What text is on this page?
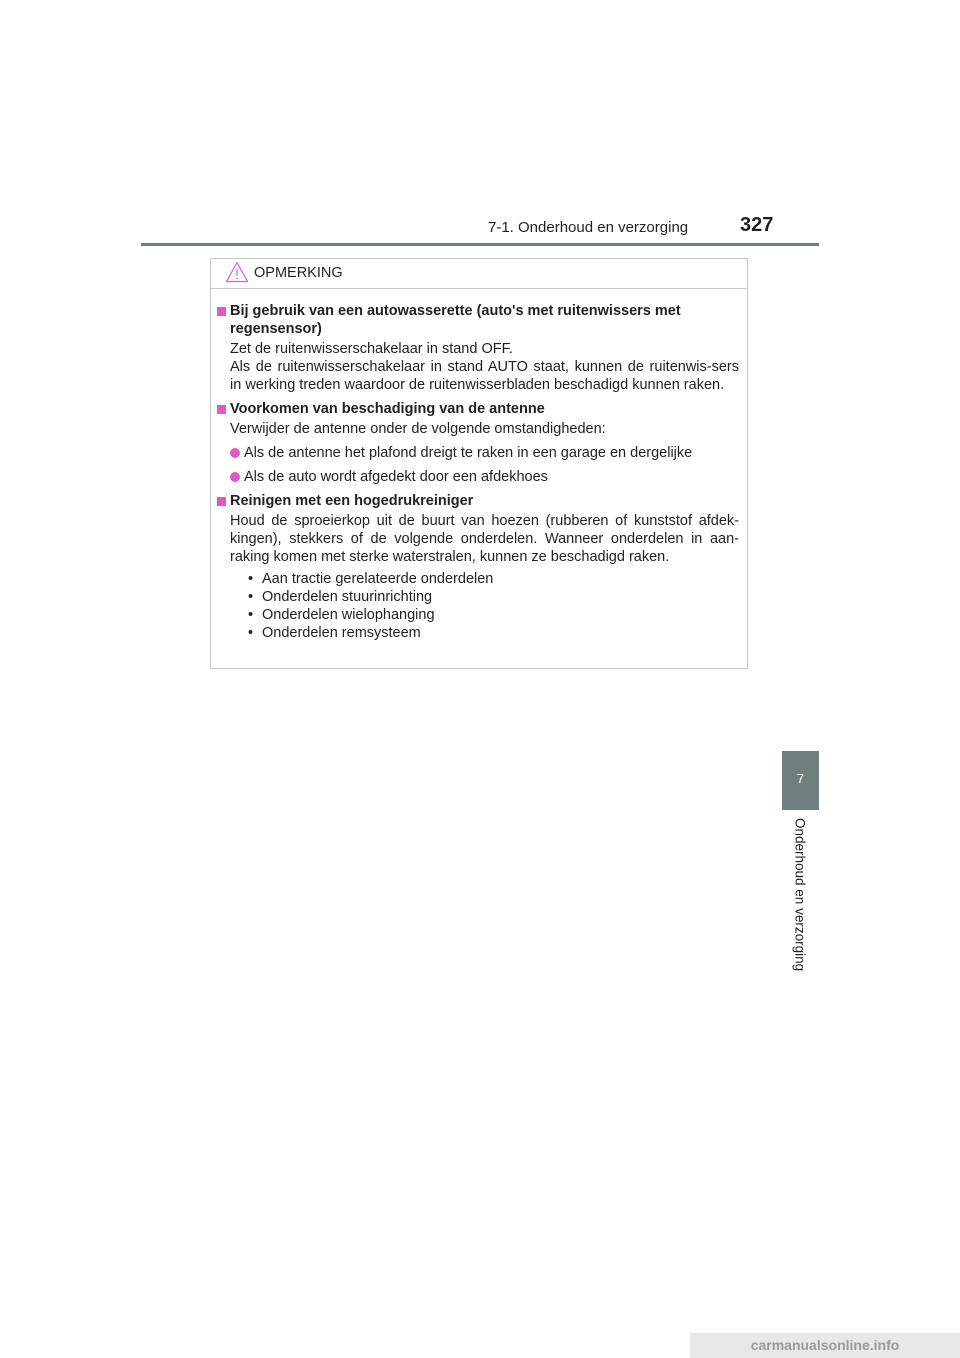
7-1. Onderhoud en verzorging	327
7
Onderhoud en verzorging
OPMERKING
Bij gebruik van een autowasserette (auto's met ruitenwissers met
regensensor)
Zet de ruitenwisserschakelaar in stand OFF.
Als de ruitenwisserschakelaar in stand AUTO staat, kunnen de ruitenwis-sers in werking treden waardoor de ruitenwisserbladen beschadigd kunnen raken.
Voorkomen van beschadiging van de antenne
Verwijder de antenne onder de volgende omstandigheden:
Als de antenne het plafond dreigt te raken in een garage en dergelijke
Als de auto wordt afgedekt door een afdekhoes
Reinigen met een hogedrukreiniger
Houd de sproeierkop uit de buurt van hoezen (rubberen of kunststof afdek-kingen), stekkers of de volgende onderdelen. Wanneer onderdelen in aan-raking komen met sterke waterstralen, kunnen ze beschadigd raken.
• Aan tractie gerelateerde onderdelen
• Onderdelen stuurinrichting
• Onderdelen wielophanging
• Onderdelen remsysteem
carmanualsonline.info
